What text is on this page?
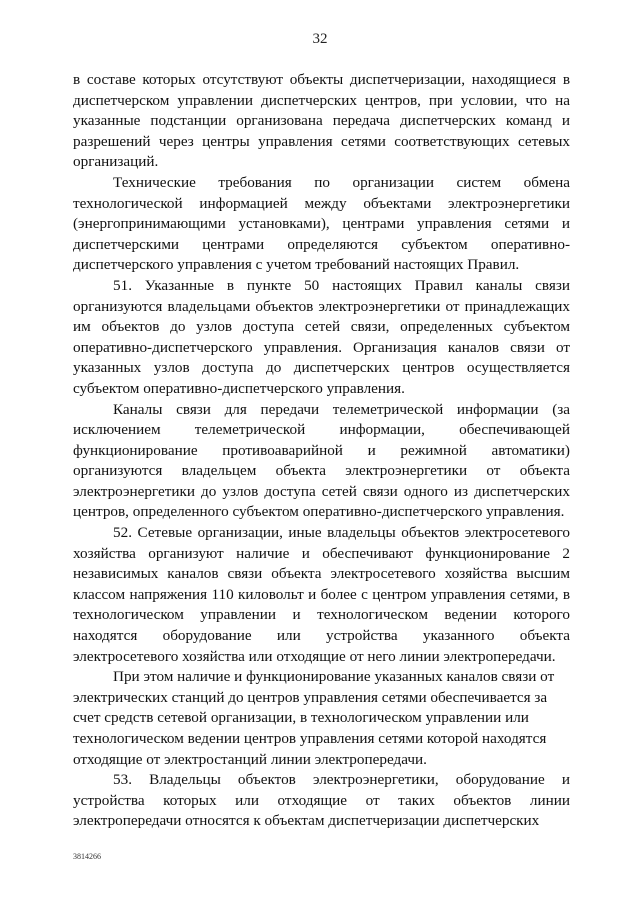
32

в составе которых отсутствуют объекты диспетчеризации, находящиеся в диспетчерском управлении диспетчерских центров, при условии, что на указанные подстанции организована передача диспетчерских команд и разрешений через центры управления сетями соответствующих сетевых организаций.

Технические требования по организации систем обмена технологической информацией между объектами электроэнергетики (энергопринимающими установками), центрами управления сетями и диспетчерскими центрами определяются субъектом оперативно-диспетчерского управления с учетом требований настоящих Правил.

51. Указанные в пункте 50 настоящих Правил каналы связи организуются владельцами объектов электроэнергетики от принадлежащих им объектов до узлов доступа сетей связи, определенных субъектом оперативно-диспетчерского управления. Организация каналов связи от указанных узлов доступа до диспетчерских центров осуществляется субъектом оперативно-диспетчерского управления.

Каналы связи для передачи телеметрической информации (за исключением телеметрической информации, обеспечивающей функционирование противоаварийной и режимной автоматики) организуются владельцем объекта электроэнергетики от объекта электроэнергетики до узлов доступа сетей связи одного из диспетчерских центров, определенного субъектом оперативно-диспетчерского управления.

52. Сетевые организации, иные владельцы объектов электросетевого хозяйства организуют наличие и обеспечивают функционирование 2 независимых каналов связи объекта электросетевого хозяйства высшим классом напряжения 110 киловольт и более с центром управления сетями, в технологическом управлении и технологическом ведении которого находятся оборудование или устройства указанного объекта электросетевого хозяйства или отходящие от него линии электропередачи.

При этом наличие и функционирование указанных каналов связи от электрических станций до центров управления сетями обеспечивается за счет средств сетевой организации, в технологическом управлении или технологическом ведении центров управления сетями которой находятся отходящие от электростанций линии электропередачи.

53. Владельцы объектов электроэнергетики, оборудование и устройства которых или отходящие от таких объектов линии электропередачи относятся к объектам диспетчеризации диспетчерских

3814266
